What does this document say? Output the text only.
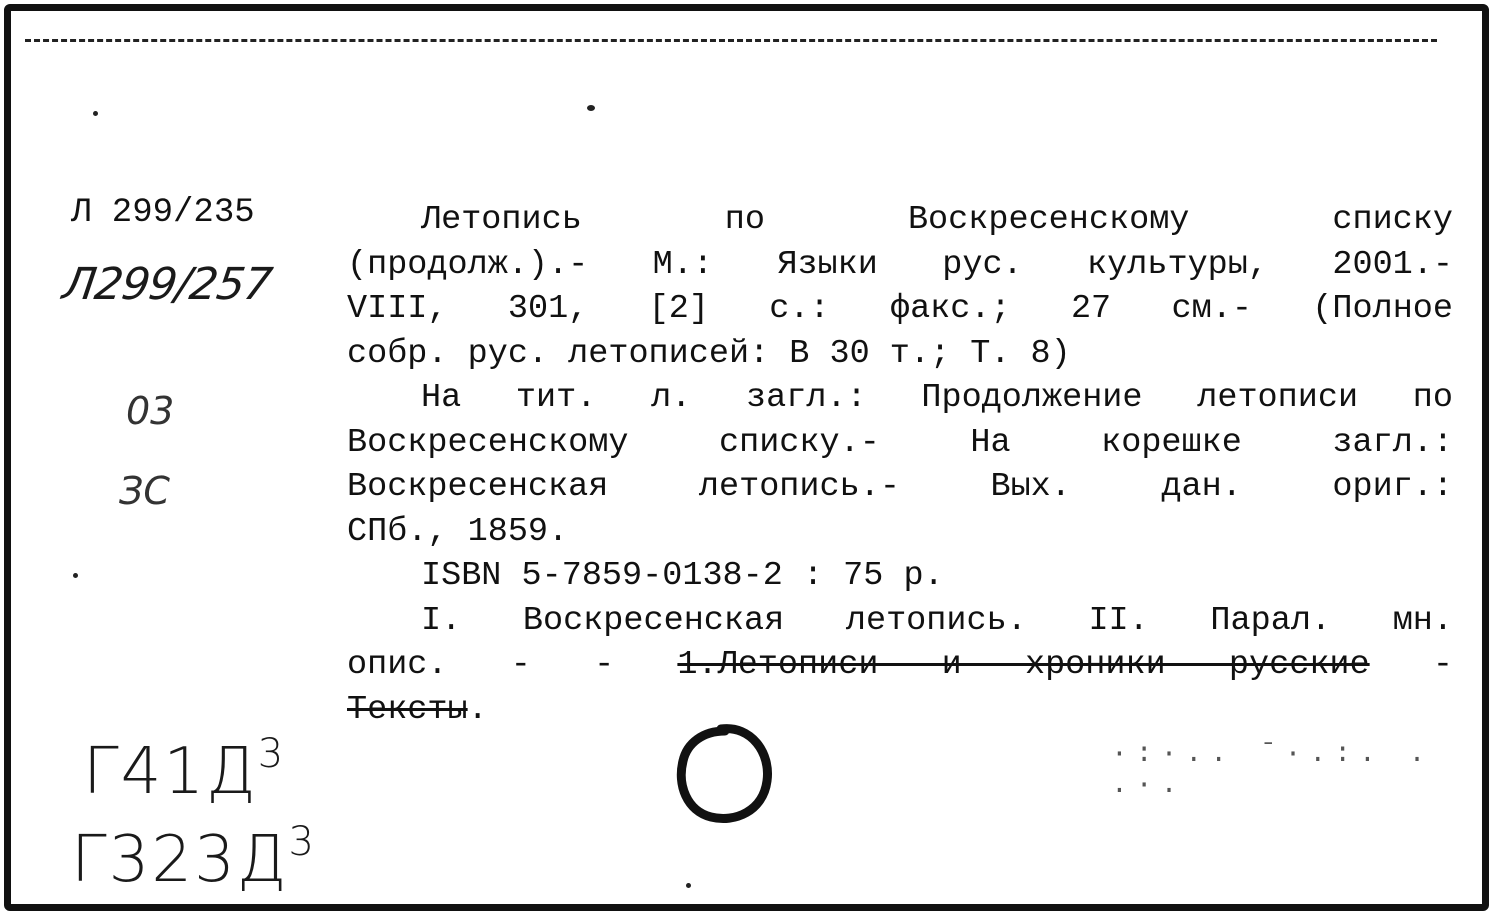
Л 299/235
Л299/257
03
ЗС
$Г41Д^3$
$Г323Д^3$

Летопись по Воскресенскому списку

(продолж.).- М.: Языки рус. культуры, 2001.-

VIII, 301, [2] с.: факс.; 27 см.- (Полное

собр. рус. летописей: В 30 т.; Т. 8)

На тит. л. загл.: Продолжение летописи по

Воскресенскому списку.- На корешке загл.:

Воскресенская летопись.- Вых. дан. ориг.:

СПб., 1859.

ISBN 5-7859-0138-2 : 75 р.

I. Воскресенская летопись. II. Парал. мн.

опис. - - 1.Летописи и хроники русские -

Тексты.

·:·.. ˉ·.:. . .·.
